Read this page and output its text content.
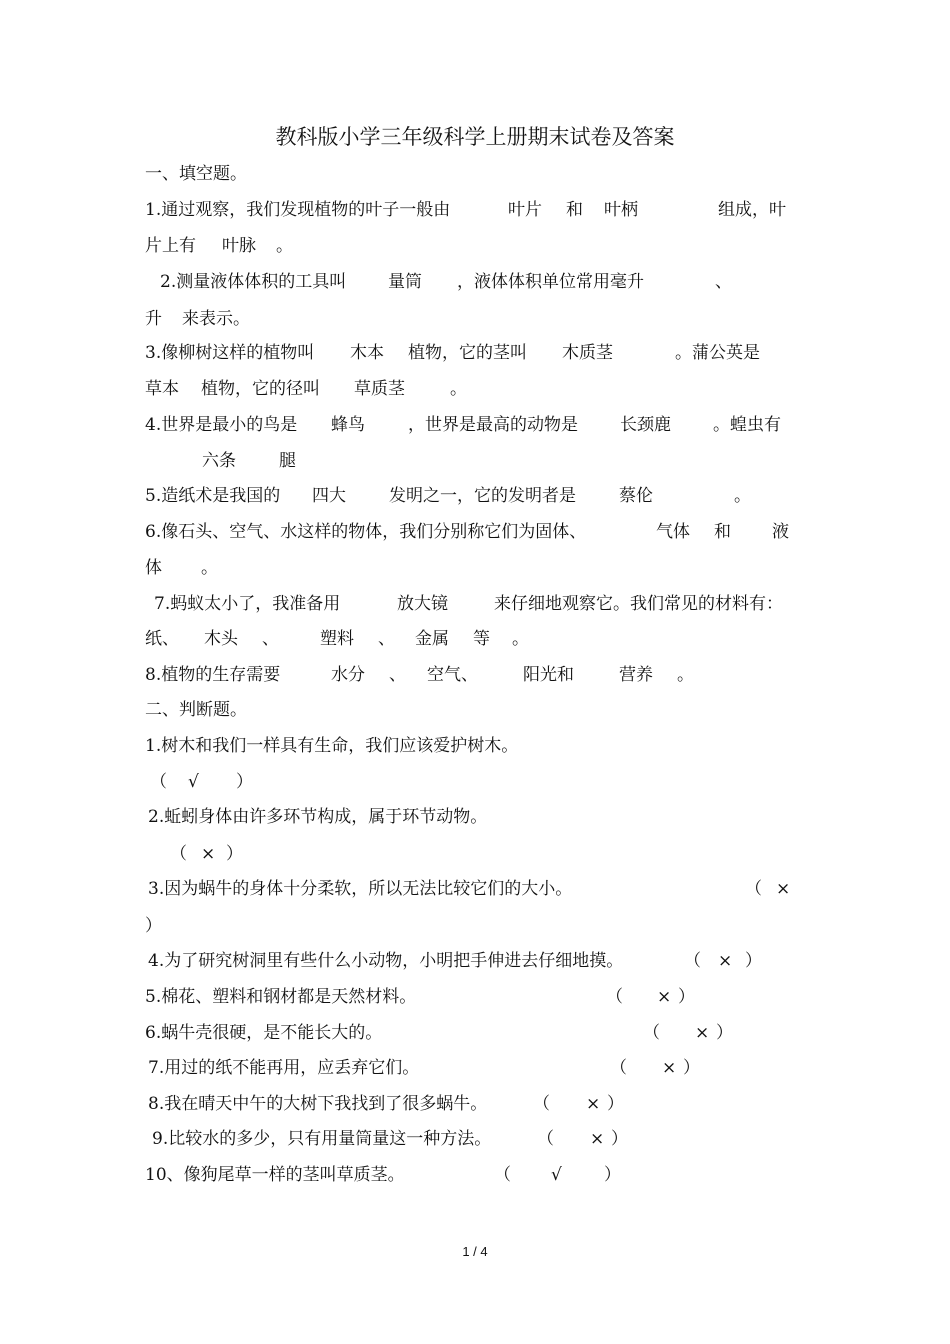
教科版小学三年级科学上册期末试卷及答案
一、填空题。
1.通过观察，我们发现植物的叶子一般由	叶片 和 叶柄	组成，叶
片上有 叶脉 。
2.测量液体体积的工具叫 量筒 ，液体体积单位常用毫升	、
升 来表示。
3.像柳树这样的植物叫 木本 植物，它的茎叫 木质茎	。蒲公英是
草本 植物，它的径叫 草质茎	。
4.世界是最小的鸟是 蜂鸟	，世界是最高的动物是 长颈鹿 。蝗虫有
六条	腿
5.造纸术是我国的 四大	发明之一，它的发明者是	蔡伦	。
6.像石头、空气、水这样的物体，我们分别称它们为固体、	气体 和 液
体 。
7.蚂蚁太小了，我准备用	放大镜	来仔细地观察它。我们常见的材料有：
纸、 木头 、 塑料 、 金属 等 。
8.植物的生存需要	水分 、 空气、	阳光和	营养 。
二、判断题。
1.树木和我们一样具有生命，我们应该爱护树木。
（ √ ）
2.蚯蚓身体由许多环节构成，属于环节动物。
（ × ）
3.因为蜗牛的身体十分柔软，所以无法比较它们的大小。	（ ×
）
4.为了研究树洞里有些什么小动物，小明把手伸进去仔细地摸。	（ × ）
5.棉花、塑料和钢材都是天然材料。	（ × ）
6.蜗牛壳很硬，是不能长大的。	（ × ）
7.用过的纸不能再用，应丢弃它们。	（ × ）
8.我在晴天中午的大树下我找到了很多蜗牛。	（ × ）
9.比较水的多少，只有用量筒量这一种方法。	（ × ）
10、像狗尾草一样的茎叫草质茎。	（ √ ）
1 / 4
